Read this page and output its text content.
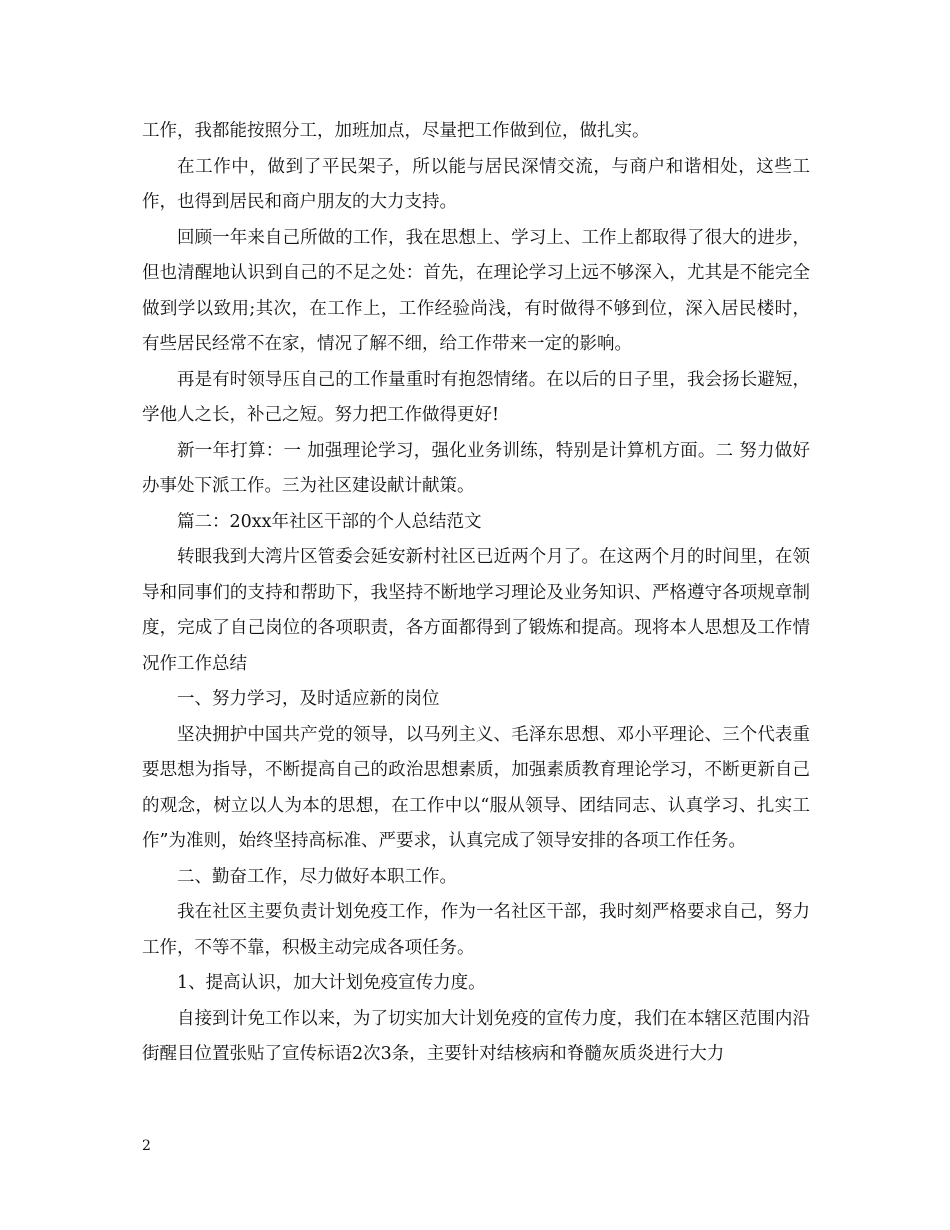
工作，我都能按照分工，加班加点，尽量把工作做到位，做扎实。

在工作中，做到了平民架子，所以能与居民深情交流，与商户和谐相处，这些工作，也得到居民和商户朋友的大力支持。

回顾一年来自己所做的工作，我在思想上、学习上、工作上都取得了很大的进步，但也清醒地认识到自己的不足之处：首先，在理论学习上远不够深入，尤其是不能完全做到学以致用;其次，在工作上，工作经验尚浅，有时做得不够到位，深入居民楼时，有些居民经常不在家，情况了解不细，给工作带来一定的影响。

再是有时领导压自己的工作量重时有抱怨情绪。在以后的日子里，我会扬长避短，学他人之长，补己之短。努力把工作做得更好!

新一年打算：一 加强理论学习，强化业务训练，特别是计算机方面。二 努力做好办事处下派工作。三为社区建设献计献策。

篇二：20xx年社区干部的个人总结范文

转眼我到大湾片区管委会延安新村社区已近两个月了。在这两个月的时间里，在领导和同事们的支持和帮助下，我坚持不断地学习理论及业务知识、严格遵守各项规章制度，完成了自己岗位的各项职责，各方面都得到了锻炼和提高。现将本人思想及工作情况作工作总结

一、努力学习，及时适应新的岗位

坚决拥护中国共产党的领导，以马列主义、毛泽东思想、邓小平理论、三个代表重要思想为指导，不断提高自己的政治思想素质，加强素质教育理论学习，不断更新自己的观念，树立以人为本的思想，在工作中以“服从领导、团结同志、认真学习、扎实工作”为准则，始终坚持高标准、严要求，认真完成了领导安排的各项工作任务。

二、勤奋工作，尽力做好本职工作。

我在社区主要负责计划免疫工作，作为一名社区干部，我时刻严格要求自己，努力工作，不等不靠，积极主动完成各项任务。

1、提高认识，加大计划免疫宣传力度。

自接到计免工作以来，为了切实加大计划免疫的宣传力度，我们在本辖区范围内沿街醒目位置张贴了宣传标语2次3条，主要针对结核病和脊髓灰质炎进行大力

2
